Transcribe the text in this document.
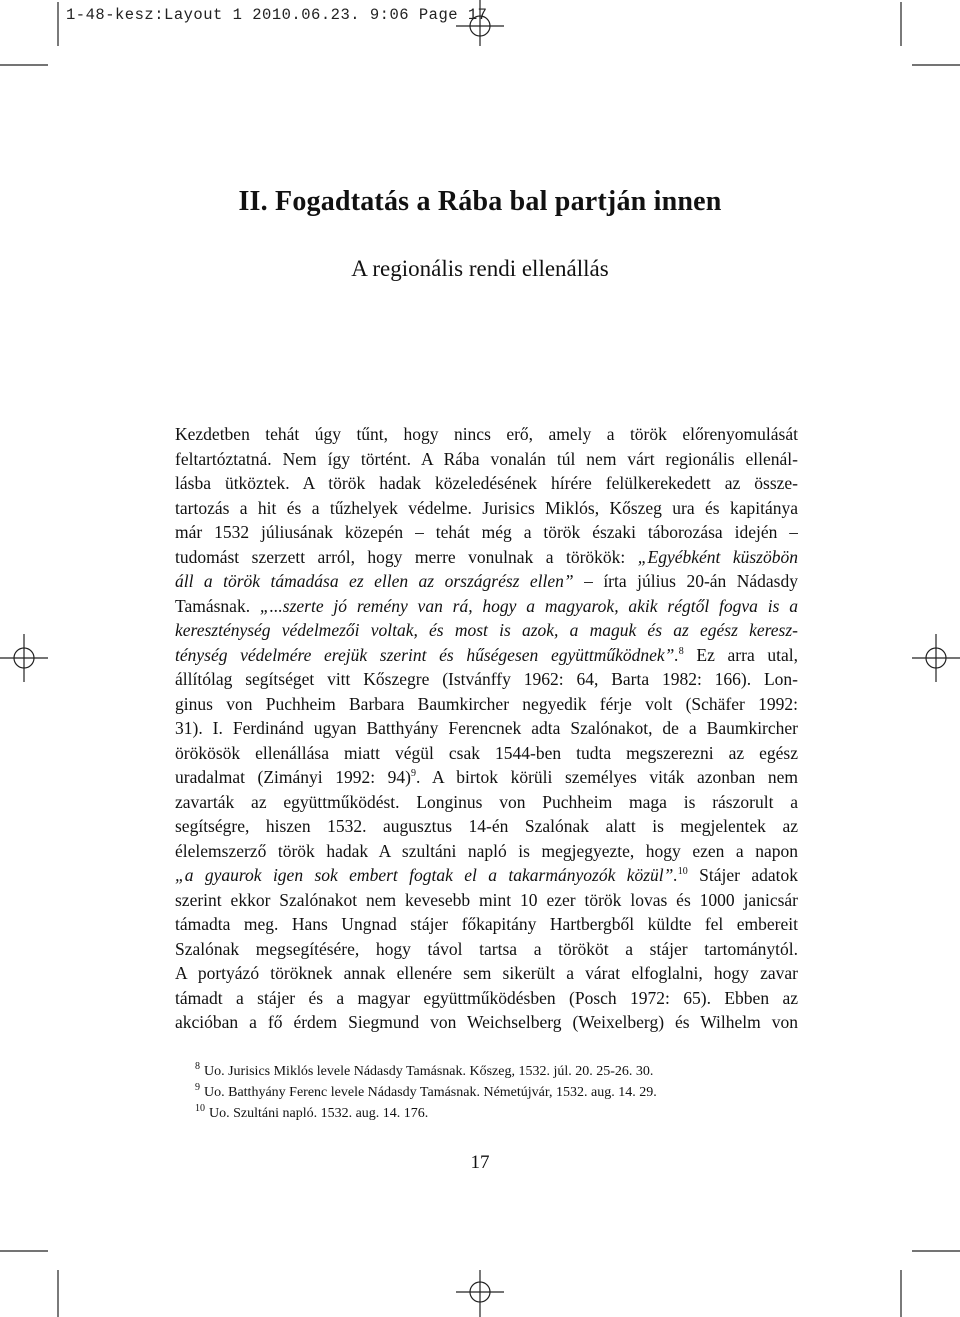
1-48-kesz:Layout 1 2010.06.23. 9:06 Page 17
II. Fogadtatás a Rába bal partján innen
A regionális rendi ellenállás
Kezdetben tehát úgy tűnt, hogy nincs erő, amely a török előrenyomulását
feltartóztatná. Nem így történt. A Rába vonalán túl nem várt regionális ellenál-
lásba ütköztek. A török hadak közeledésének hírére felülkerekedett az össze-
tartozás a hit és a tűzhelyek védelme. Jurisics Miklós, Kőszeg ura és kapitánya
már 1532 júliusának közepén – tehát még a török északi táborozása idején –
tudomást szerzett arról, hogy merre vonulnak a törökök: „Egyébként küszöbön
áll a török támadása ez ellen az országrész ellen” – írta július 20-án Nádasdy
Tamásnak. „...szerte jó remény van rá, hogy a magyarok, akik régtől fogva is a
kereszténység védelmezői voltak, és most is azok, a maguk és az egész keresz-
ténység védelmére erejük szerint és hűségesen együttműködnek”.$^8$ Ez arra utal,
állítólag segítséget vitt Kőszegre (Istvánffy 1962: 64, Barta 1982: 166). Lon-
ginus von Puchheim Barbara Baumkircher negyedik férje volt (Schäfer 1992:
31). I. Ferdinánd ugyan Batthyány Ferencnek adta Szalónakot, de a Baumkircher
örökösök ellenállása miatt végül csak 1544-ben tudta megszerezni az egész
uradalmat (Zimányi 1992: 94)$^9$. A birtok körüli személyes viták azonban nem
zavarták az együttműködést. Longinus von Puchheim maga is rászorult a
segítségre, hiszen 1532. augusztus 14-én Szalónak alatt is megjelentek az
élelemszerző török hadak A szultáni napló is megjegyezte, hogy ezen a napon
„a gyaurok igen sok embert fogtak el a takarmányozók közül”.$^{10}$ Stájer adatok
szerint ekkor Szalónakot nem kevesebb mint 10 ezer török lovas és 1000 janicsár
támadta meg. Hans Ungnad stájer főkapitány Hartbergből küldte fel embereit
Szalónak megsegítésére, hogy távol tartsa a törököt a stájer tartománytól.
A portyázó töröknek annak ellenére sem sikerült a várat elfoglalni, hogy zavar
támadt a stájer és a magyar együttműködésben (Posch 1972: 65). Ebben az
akcióban a fő érdem Siegmund von Weichselberg (Weixelberg) és Wilhelm von
$^8$ Uo. Jurisics Miklós levele Nádasdy Tamásnak. Kőszeg, 1532. júl. 20. 25-26. 30.
$^9$ Uo. Batthyány Ferenc levele Nádasdy Tamásnak. Németújvár, 1532. aug. 14. 29.
$^{10}$ Uo. Szultáni napló. 1532. aug. 14. 176.
17
